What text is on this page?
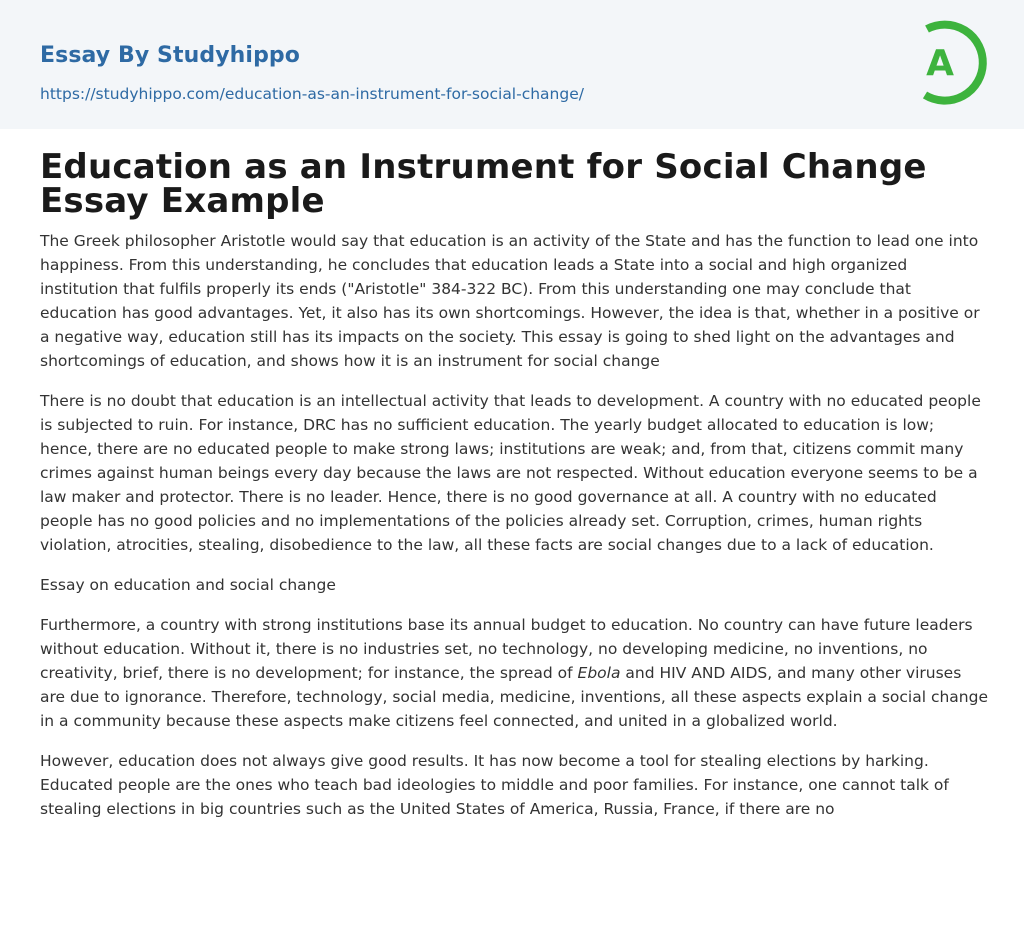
Essay By Studyhippo
https://studyhippo.com/education-as-an-instrument-for-social-change/
A
Education as an Instrument for Social Change Essay Example

The Greek philosopher Aristotle would say that education is an activity of the State and has the function to lead one into happiness. From this understanding, he concludes that education leads a State into a social and high organized institution that fulfils properly its ends ("Aristotle" 384-322 BC). From this understanding one may conclude that education has good advantages. Yet, it also has its own shortcomings. However, the idea is that, whether in a positive or a negative way, education still has its impacts on the society. This essay is going to shed light on the advantages and shortcomings of education, and shows how it is an instrument for social change

There is no doubt that education is an intellectual activity that leads to development. A country with no educated people is subjected to ruin. For instance, DRC has no sufficient education. The yearly budget allocated to education is low; hence, there are no educated people to make strong laws; institutions are weak; and, from that, citizens commit many crimes against human beings every day because the laws are not respected. Without education everyone seems to be a law maker and protector. There is no leader. Hence, there is no good governance at all. A country with no educated people has no good policies and no implementations of the policies already set. Corruption, crimes, human rights violation, atrocities, stealing, disobedience to the law, all these facts are social changes due to a lack of education.

Essay on education and social change

Furthermore, a country with strong institutions base its annual budget to education. No country can have future leaders without education. Without it, there is no industries set, no technology, no developing medicine, no inventions, no creativity, brief, there is no development; for instance, the spread of Ebola and HIV AND AIDS, and many other viruses are due to ignorance. Therefore, technology, social media, medicine, inventions, all these aspects explain a social change in a community because these aspects make citizens feel connected, and united in a globalized world.

However, education does not always give good results. It has now become a tool for stealing elections by harking. Educated people are the ones who teach bad ideologies to middle and poor families. For instance, one cannot talk of stealing elections in big countries such as the United States of America, Russia, France, if there are no
